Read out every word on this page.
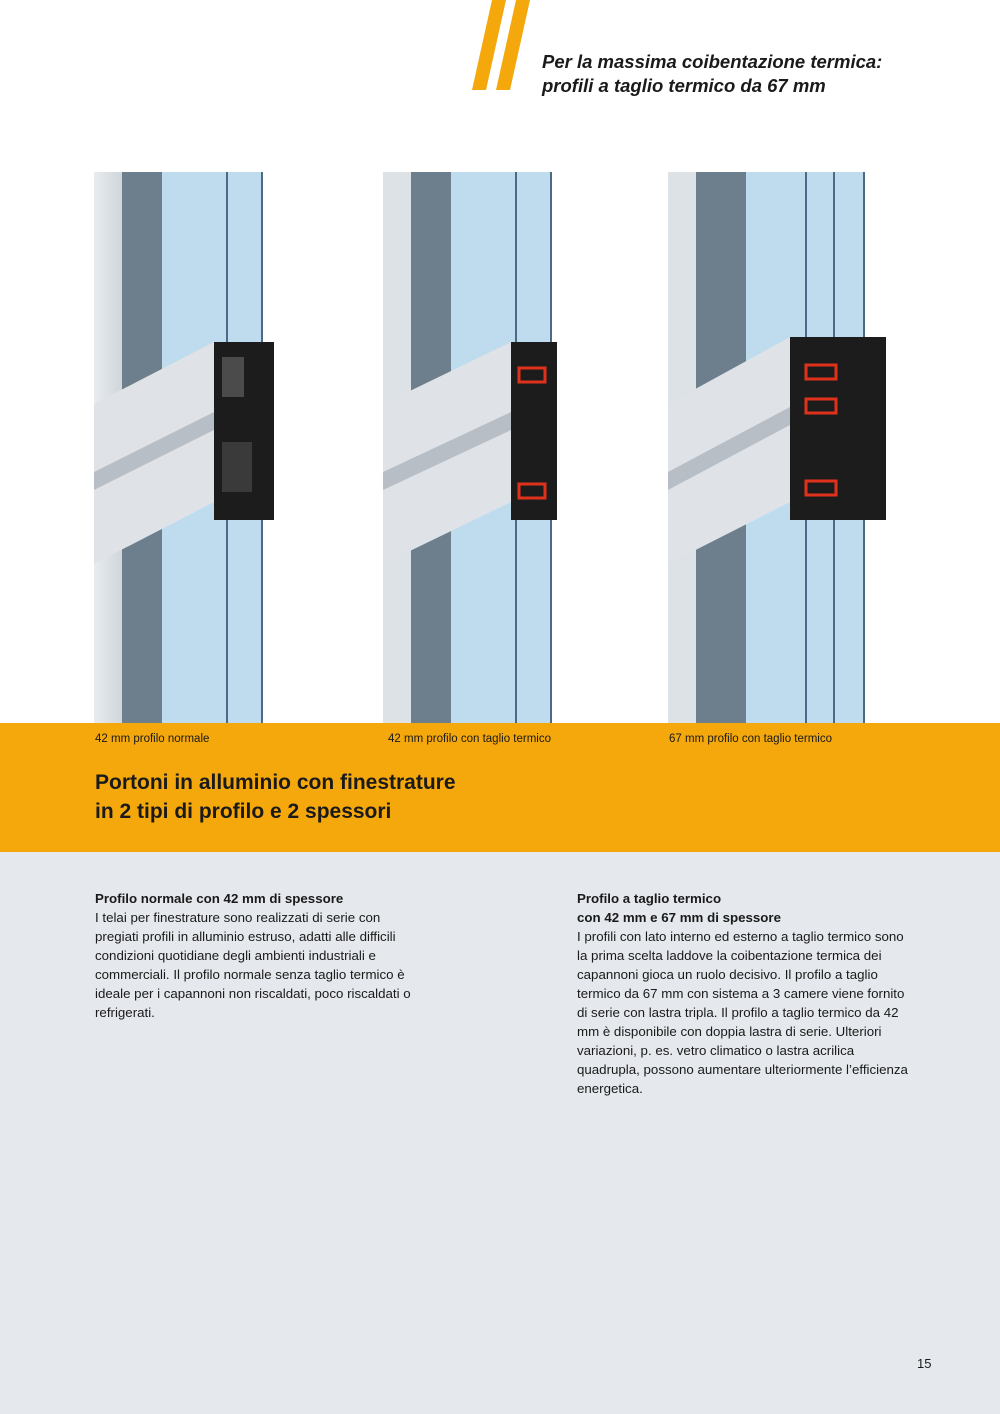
Per la massima coibentazione termica:
profili a taglio termico da 67 mm
42 mm profilo normale	42 mm profilo con taglio termico	67 mm profilo con taglio termico
Portoni in alluminio con finestrature
in 2 tipi di profilo e 2 spessori
Profilo normale con 42 mm di spessore

I telai per finestrature sono realizzati di serie con pregiati profili in alluminio estruso, adatti alle difficili condizioni quotidiane degli ambienti industriali e commerciali. Il profilo normale senza taglio termico è ideale per i capannoni non riscaldati, poco riscaldati o refrigerati.

Profilo a taglio termico
con 42 mm e 67 mm di spessore

I profili con lato interno ed esterno a taglio termico sono la prima scelta laddove la coibentazione termica dei capannoni gioca un ruolo decisivo. Il profilo a taglio termico da 67 mm con sistema a 3 camere viene fornito di serie con lastra tripla. Il profilo a taglio termico da 42 mm è disponibile con doppia lastra di serie. Ulteriori variazioni, p. es. vetro climatico o lastra acrilica quadrupla, possono aumentare ulteriormente l’efficienza energetica.

15
